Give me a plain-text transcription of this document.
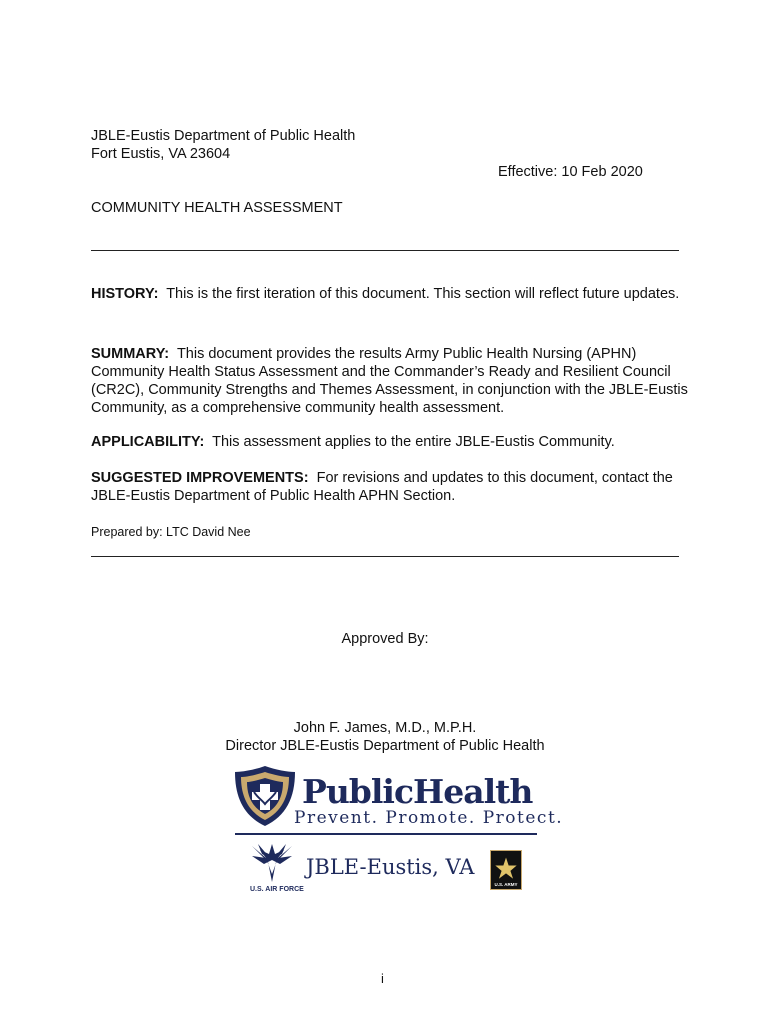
JBLE-Eustis Department of Public Health
Fort Eustis, VA 23604
Effective: 10 Feb 2020
COMMUNITY HEALTH ASSESSMENT
HISTORY: This is the first iteration of this document. This section will reflect future updates.
SUMMARY: This document provides the results Army Public Health Nursing (APHN) Community Health Status Assessment and the Commander’s Ready and Resilient Council (CR2C), Community Strengths and Themes Assessment, in conjunction with the JBLE-Eustis Community, as a comprehensive community health assessment.
APPLICABILITY: This assessment applies to the entire JBLE-Eustis Community.
SUGGESTED IMPROVEMENTS: For revisions and updates to this document, contact the JBLE-Eustis Department of Public Health APHN Section.
Prepared by: LTC David Nee
Approved By:
John F. James, M.D., M.P.H.
Director JBLE-Eustis Department of Public Health
PublicHealth
Prevent. Promote. Protect.
U.S. AIR FORCE
JBLE-Eustis, VA
U.S. ARMY
i
